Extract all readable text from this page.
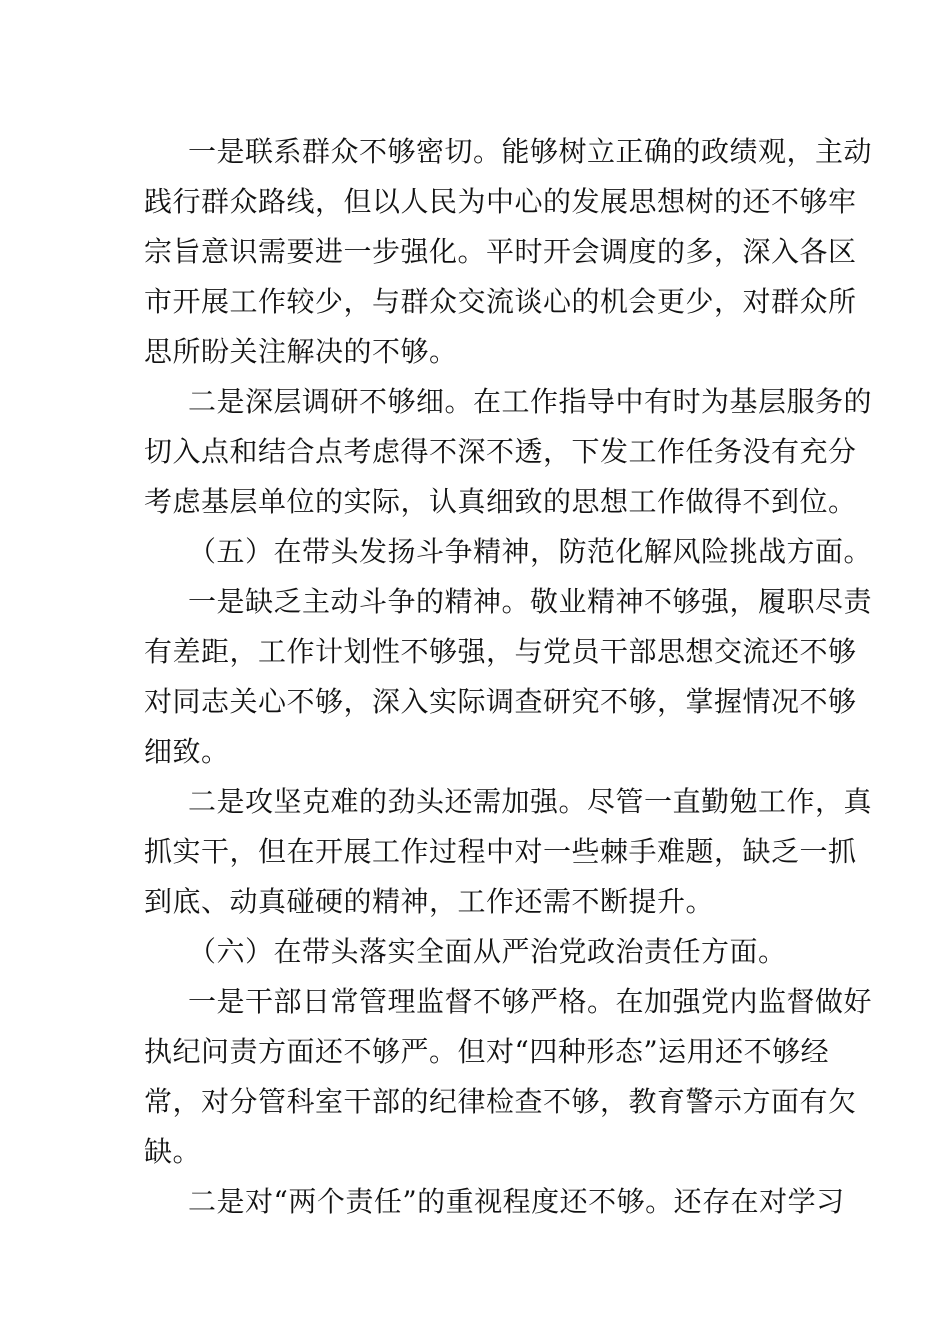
一是联系群众不够密切。能够树立正确的政绩观，主动
践行群众路线，但以人民为中心的发展思想树的还不够牢
宗旨意识需要进一步强化。平时开会调度的多，深入各区
市开展工作较少，与群众交流谈心的机会更少，对群众所
思所盼关注解决的不够。
二是深层调研不够细。在工作指导中有时为基层服务的
切入点和结合点考虑得不深不透，下发工作任务没有充分
考虑基层单位的实际，认真细致的思想工作做得不到位。
（五）在带头发扬斗争精神，防范化解风险挑战方面。
一是缺乏主动斗争的精神。敬业精神不够强，履职尽责
有差距，工作计划性不够强，与党员干部思想交流还不够
对同志关心不够，深入实际调查研究不够，掌握情况不够
细致。
二是攻坚克难的劲头还需加强。尽管一直勤勉工作，真
抓实干，但在开展工作过程中对一些棘手难题，缺乏一抓
到底、动真碰硬的精神，工作还需不断提升。
（六）在带头落实全面从严治党政治责任方面。
一是干部日常管理监督不够严格。在加强党内监督做好
执纪问责方面还不够严。但对“四种形态”运用还不够经
常，对分管科室干部的纪律检查不够，教育警示方面有欠
缺。
二是对“两个责任”的重视程度还不够。还存在对学习
